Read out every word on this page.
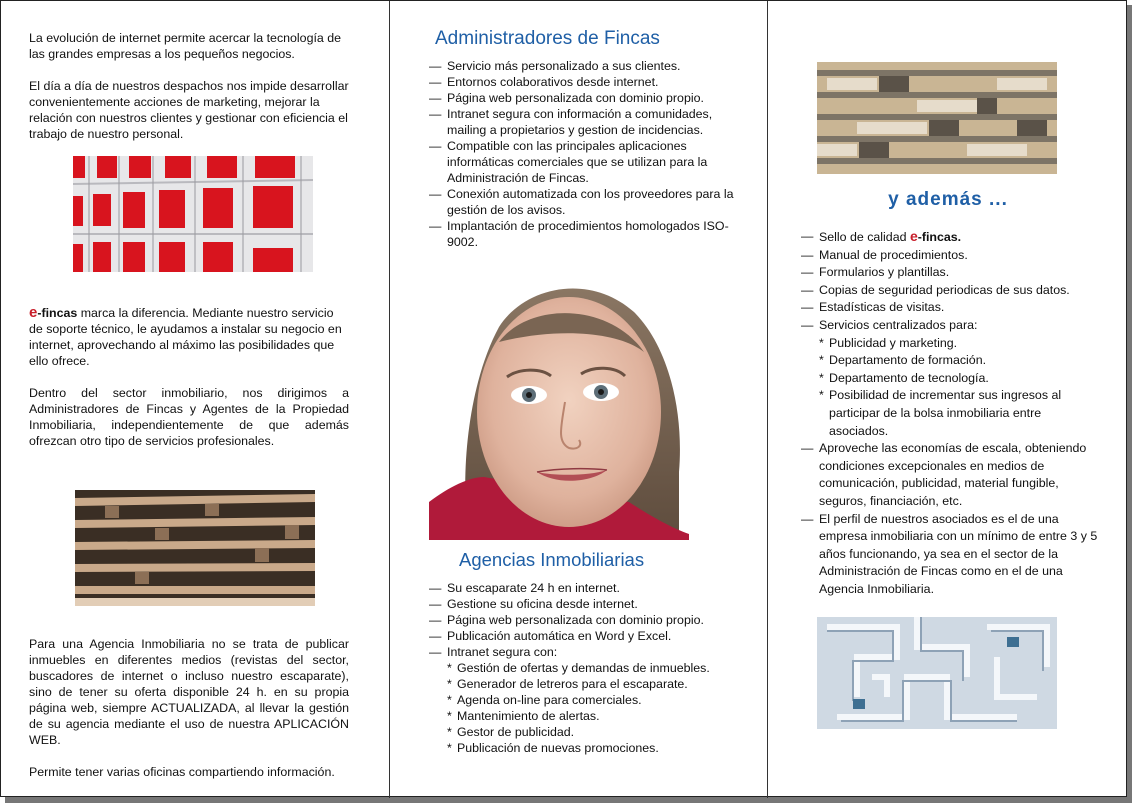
La evolución de internet permite acercar la tecnología de las grandes empresas a los pequeños negocios.

El día a día de nuestros despachos nos impide desarrollar convenientemente acciones de marketing, mejorar la relación con nuestros clientes y gestionar con eficiencia el trabajo de nuestro personal.

e-fincas marca la diferencia. Mediante nuestro servicio de soporte técnico, le ayudamos a instalar su negocio en internet, aprovechando al máximo las posibilidades que ello ofrece.

Dentro del sector inmobiliario, nos dirigimos a Administradores de Fincas y Agentes de la Propiedad Inmobiliaria, independientemente de que además ofrezcan otro tipo de servicios profesionales.

Para una Agencia Inmobiliaria no se trata de publicar inmuebles en diferentes medios (revistas del sector, buscadores de internet o incluso nuestro escaparate), sino de tener su oferta disponible 24 h. en su propia página web, siempre ACTUALIZADA, al llevar la gestión de su agencia mediante el uso de nuestra APLICACIÓN WEB.

Permite tener varias oficinas compartiendo información.

Administradores de Fincas
— Servicio más personalizado a sus clientes.
— Entornos colaborativos desde internet.
— Página web personalizada con dominio propio.
— Intranet segura con información a comunidades, mailing a propietarios y gestion de incidencias.
— Compatible con las principales aplicaciones informáticas comerciales que se utilizan para la Administración de Fincas.
— Conexión automatizada con los proveedores para la gestión de los avisos.
— Implantación de procedimientos homologados ISO-9002.
Agencias Inmobiliarias
— Su escaparate 24 h en internet.
— Gestione su oficina desde internet.
— Página web personalizada con dominio propio.
— Publicación automática en Word y Excel.
— Intranet segura con:
* Gestión de ofertas y demandas de inmuebles.
* Generador de letreros para el escaparate.
* Agenda on-line para comerciales.
* Mantenimiento de alertas.
* Gestor de publicidad.
* Publicación de nuevas promociones.
y además ...
— Sello de calidad e-fincas.
— Manual de procedimientos.
— Formularios y plantillas.
— Copias de seguridad periodicas de sus datos.
— Estadísticas de visitas.
— Servicios centralizados para:
* Publicidad y marketing.
* Departamento de formación.
* Departamento de tecnología.
* Posibilidad de incrementar sus ingresos al participar de la bolsa inmobiliaria entre asociados.
— Aproveche las economías de escala, obteniendo condiciones excepcionales en medios de comunicación, publicidad, material fungible, seguros, financiación, etc.
— El perfil de nuestros asociados es el de una empresa inmobiliaria con un mínimo de entre 3 y 5 años funcionando, ya sea en el sector de la Administración de Fincas como en el de una Agencia Inmobiliaria.
